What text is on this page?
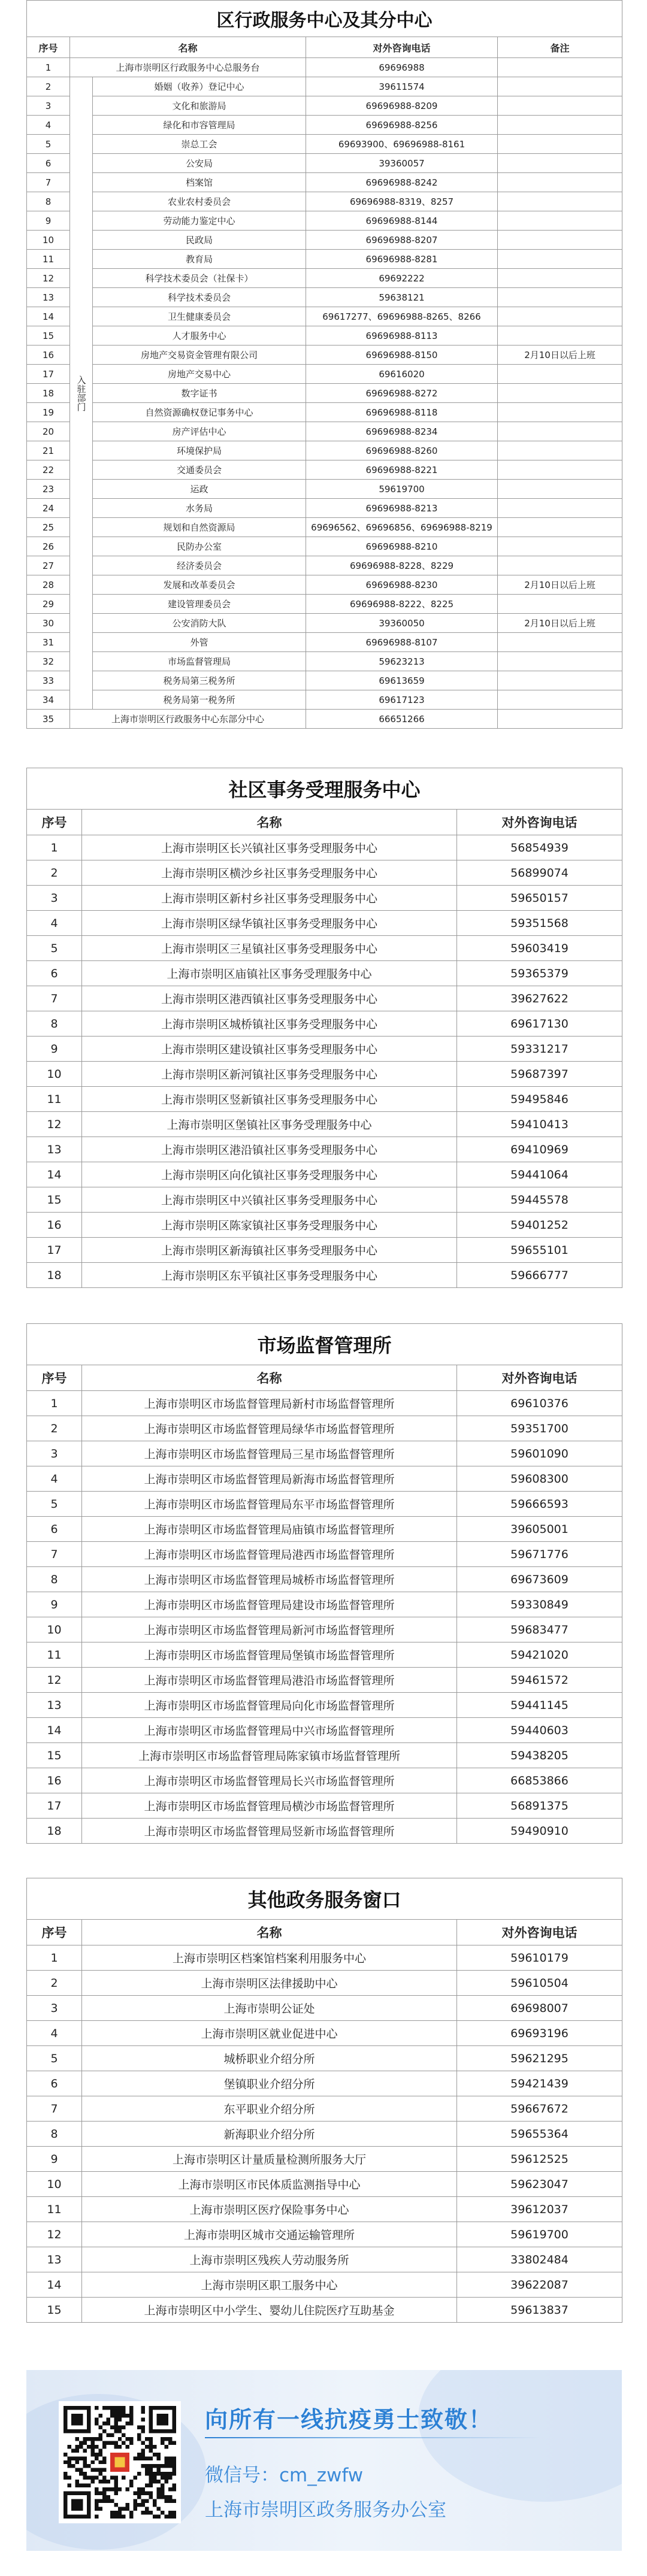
区行政服务中心及其分中心				
序号	名称		对外咨询电话	备注
1	上海市崇明区行政服务中心总服务台		69696988	
2	入驻部门	婚姻（收养）登记中心	39611574	
3		文化和旅游局	69696988-8209	
4		绿化和市容管理局	69696988-8256	
5		崇总工会	69693900、69696988-8161	
6		公安局	39360057	
7		档案馆	69696988-8242	
8		农业农村委员会	69696988-8319、8257	
9		劳动能力鉴定中心	69696988-8144	
10		民政局	69696988-8207	
11		教育局	69696988-8281	
12		科学技术委员会（社保卡）	69692222	
13		科学技术委员会	59638121	
14		卫生健康委员会	69617277、69696988-8265、8266	
15		人才服务中心	69696988-8113	
16		房地产交易资金管理有限公司	69696988-8150	2月10日以后上班
17		房地产交易中心	69616020	
18		数字证书	69696988-8272	
19		自然资源确权登记事务中心	69696988-8118	
20		房产评估中心	69696988-8234	
21		环境保护局	69696988-8260	
22		交通委员会	69696988-8221	
23		运政	59619700	
24		水务局	69696988-8213	
25		规划和自然资源局	69696562、69696856、69696988-8219	
26		民防办公室	69696988-8210	
27		经济委员会	69696988-8228、8229	
28		发展和改革委员会	69696988-8230	2月10日以后上班
29		建设管理委员会	69696988-8222、8225	
30		公安消防大队	39360050	2月10日以后上班
31		外管	69696988-8107	
32		市场监督管理局	59623213	
33		税务局第三税务所	69613659	
34		税务局第一税务所	69617123	
35	上海市崇明区行政服务中心东部分中心		66651266	
社区事务受理服务中心		
序号	名称	对外咨询电话
1	上海市崇明区长兴镇社区事务受理服务中心	56854939
2	上海市崇明区横沙乡社区事务受理服务中心	56899074
3	上海市崇明区新村乡社区事务受理服务中心	59650157
4	上海市崇明区绿华镇社区事务受理服务中心	59351568
5	上海市崇明区三星镇社区事务受理服务中心	59603419
6	上海市崇明区庙镇社区事务受理服务中心	59365379
7	上海市崇明区港西镇社区事务受理服务中心	39627622
8	上海市崇明区城桥镇社区事务受理服务中心	69617130
9	上海市崇明区建设镇社区事务受理服务中心	59331217
10	上海市崇明区新河镇社区事务受理服务中心	59687397
11	上海市崇明区竖新镇社区事务受理服务中心	59495846
12	上海市崇明区堡镇社区事务受理服务中心	59410413
13	上海市崇明区港沿镇社区事务受理服务中心	69410969
14	上海市崇明区向化镇社区事务受理服务中心	59441064
15	上海市崇明区中兴镇社区事务受理服务中心	59445578
16	上海市崇明区陈家镇社区事务受理服务中心	59401252
17	上海市崇明区新海镇社区事务受理服务中心	59655101
18	上海市崇明区东平镇社区事务受理服务中心	59666777
市场监督管理所		
序号	名称	对外咨询电话
1	上海市崇明区市场监督管理局新村市场监督管理所	69610376
2	上海市崇明区市场监督管理局绿华市场监督管理所	59351700
3	上海市崇明区市场监督管理局三星市场监督管理所	59601090
4	上海市崇明区市场监督管理局新海市场监督管理所	59608300
5	上海市崇明区市场监督管理局东平市场监督管理所	59666593
6	上海市崇明区市场监督管理局庙镇市场监督管理所	39605001
7	上海市崇明区市场监督管理局港西市场监督管理所	59671776
8	上海市崇明区市场监督管理局城桥市场监督管理所	69673609
9	上海市崇明区市场监督管理局建设市场监督管理所	59330849
10	上海市崇明区市场监督管理局新河市场监督管理所	59683477
11	上海市崇明区市场监督管理局堡镇市场监督管理所	59421020
12	上海市崇明区市场监督管理局港沿市场监督管理所	59461572
13	上海市崇明区市场监督管理局向化市场监督管理所	59441145
14	上海市崇明区市场监督管理局中兴市场监督管理所	59440603
15	上海市崇明区市场监督管理局陈家镇市场监督管理所	59438205
16	上海市崇明区市场监督管理局长兴市场监督管理所	66853866
17	上海市崇明区市场监督管理局横沙市场监督管理所	56891375
18	上海市崇明区市场监督管理局竖新市场监督管理所	59490910
其他政务服务窗口		
序号	名称	对外咨询电话
1	上海市崇明区档案馆档案利用服务中心	59610179
2	上海市崇明区法律援助中心	59610504
3	上海市崇明公证处	69698007
4	上海市崇明区就业促进中心	69693196
5	城桥职业介绍分所	59621295
6	堡镇职业介绍分所	59421439
7	东平职业介绍分所	59667672
8	新海职业介绍分所	59655364
9	上海市崇明区计量质量检测所服务大厅	59612525
10	上海市崇明区市民体质监测指导中心	59623047
11	上海市崇明区医疗保险事务中心	39612037
12	上海市崇明区城市交通运输管理所	59619700
13	上海市崇明区残疾人劳动服务所	33802484
14	上海市崇明区职工服务中心	39622087
15	上海市崇明区中小学生、婴幼儿住院医疗互助基金	59613837
向所有一线抗疫勇士致敬！
微信号：cm_zwfw
上海市崇明区政务服务办公室
